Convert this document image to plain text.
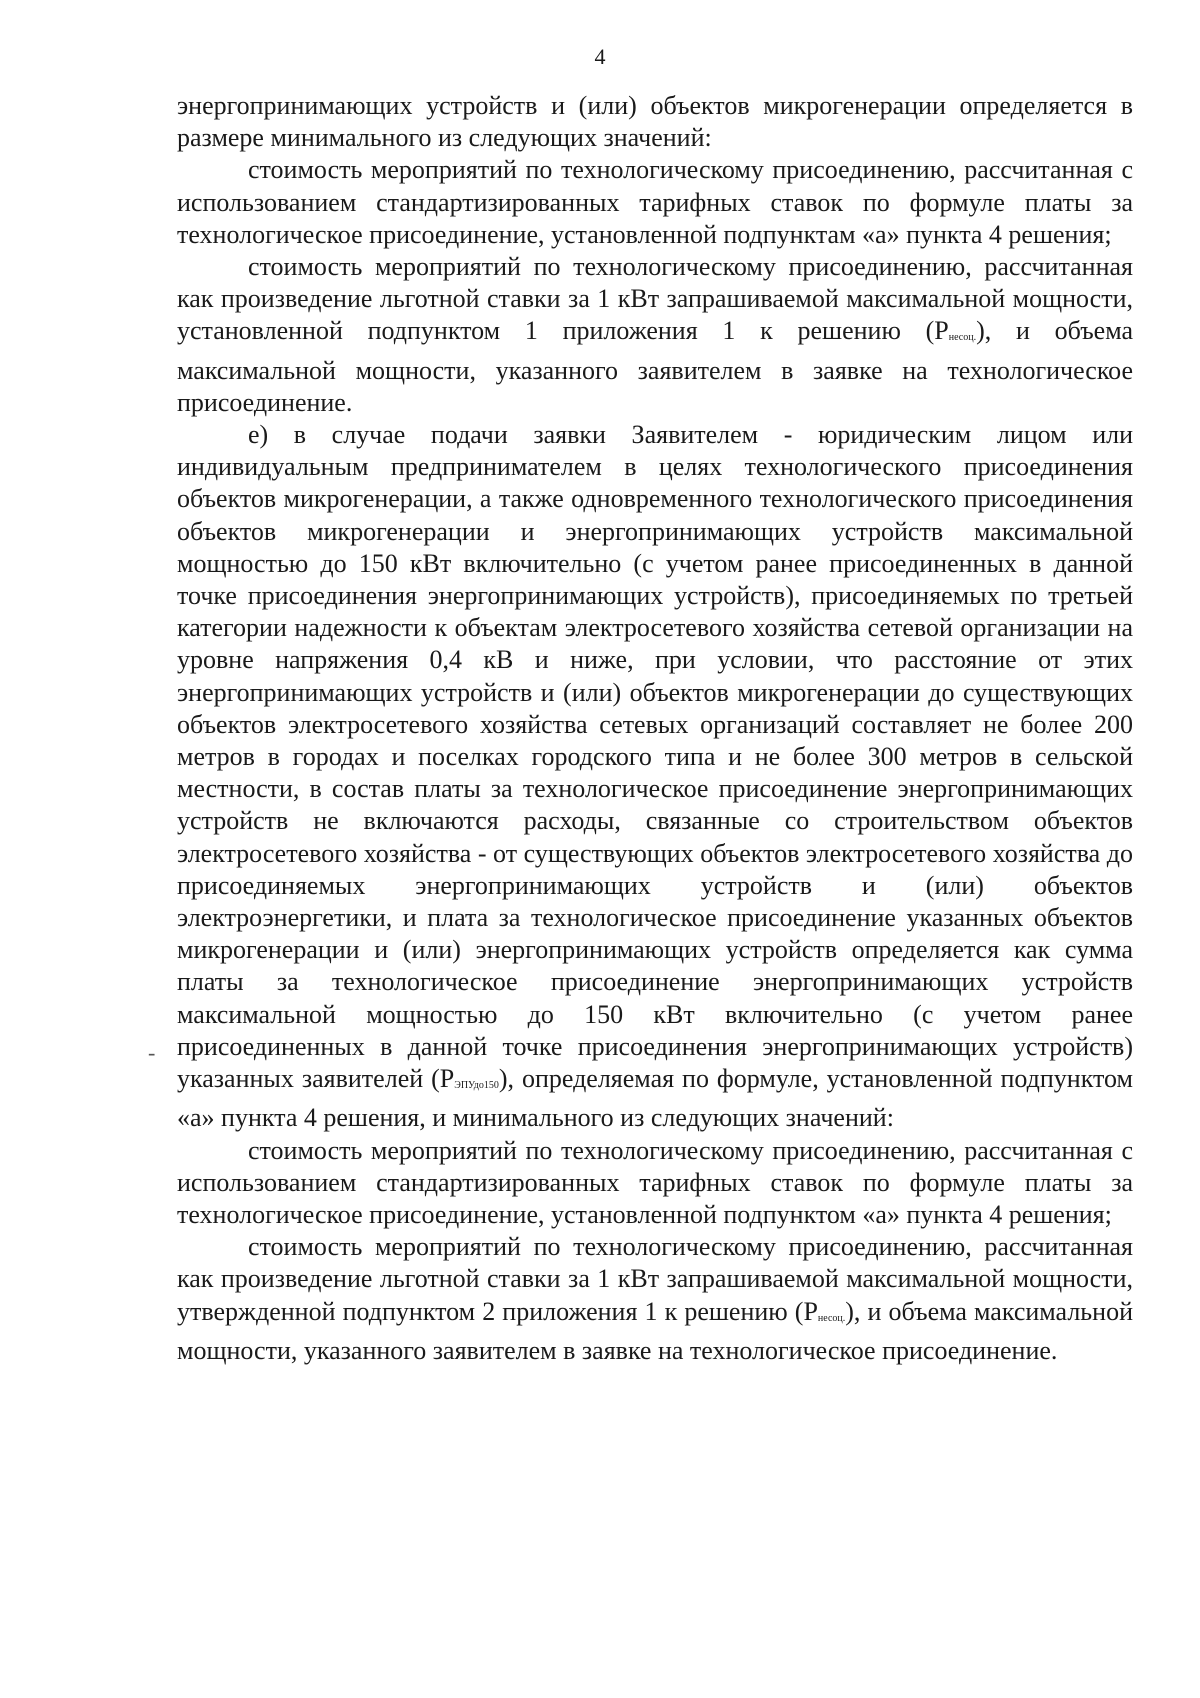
4
-

энергопринимающих устройств и (или) объектов микрогенерации определяется в размере минимального из следующих значений:

стоимость мероприятий по технологическому присоединению, рассчитанная с использованием стандартизированных тарифных ставок по формуле платы за технологическое присоединение, установленной подпунктам «а» пункта 4 решения;

стоимость мероприятий по технологическому присоединению, рассчитанная как произведение льготной ставки за 1 кВт запрашиваемой максимальной мощности, установленной подпунктом 1 приложения 1 к решению (Рнесоц.), и объема максимальной мощности, указанного заявителем в заявке на технологическое присоединение.

е) в случае подачи заявки Заявителем - юридическим лицом или индивидуальным предпринимателем в целях технологического присоединения объектов микрогенерации, а также одновременного технологического присоединения объектов микрогенерации и энергопринимающих устройств максимальной мощностью до 150 кВт включительно (с учетом ранее присоединенных в данной точке присоединения энергопринимающих устройств), присоединяемых по третьей категории надежности к объектам электросетевого хозяйства сетевой организации на уровне напряжения 0,4 кВ и ниже, при условии, что расстояние от этих энергопринимающих устройств и (или) объектов микрогенерации до существующих объектов электросетевого хозяйства сетевых организаций составляет не более 200 метров в городах и поселках городского типа и не более 300 метров в сельской местности, в состав платы за технологическое присоединение энергопринимающих устройств не включаются расходы, связанные со строительством объектов электросетевого хозяйства - от существующих объектов электросетевого хозяйства до присоединяемых энергопринимающих устройств и (или) объектов электроэнергетики, и плата за технологическое присоединение указанных объектов микрогенерации и (или) энергопринимающих устройств определяется как сумма платы за технологическое присоединение энергопринимающих устройств максимальной мощностью до 150 кВт включительно (с учетом ранее присоединенных в данной точке присоединения энергопринимающих устройств) указанных заявителей (РЭПУдо150), определяемая по формуле, установленной подпунктом «а» пункта 4 решения, и минимального из следующих значений:

стоимость мероприятий по технологическому присоединению, рассчитанная с использованием стандартизированных тарифных ставок по формуле платы за технологическое присоединение, установленной подпунктом «а» пункта 4 решения;

стоимость мероприятий по технологическому присоединению, рассчитанная как произведение льготной ставки за 1 кВт запрашиваемой максимальной мощности, утвержденной подпунктом 2 приложения 1 к решению (Рнесоц.), и объема максимальной мощности, указанного заявителем в заявке на технологическое присоединение.
